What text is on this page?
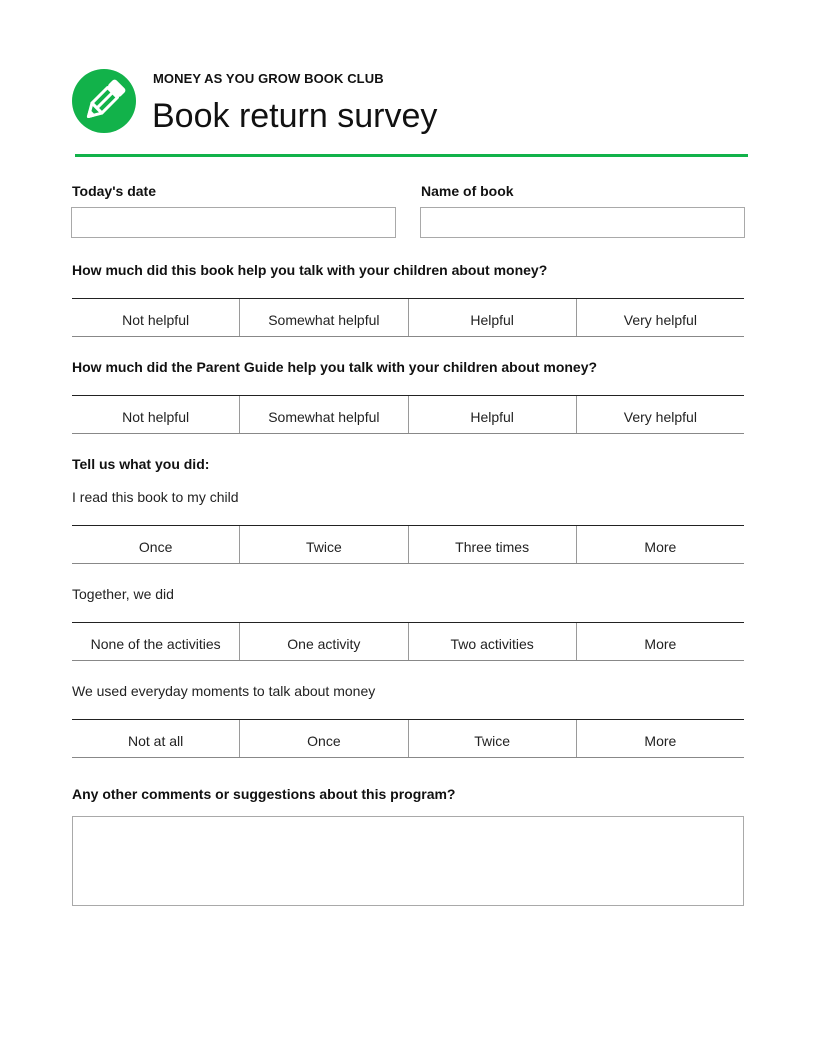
MONEY AS YOU GROW BOOK CLUB
Book return survey
Today's date	Name of book
How much did this book help you talk with your children about money?
Not helpful	Somewhat helpful	Helpful	Very helpful
How much did the Parent Guide help you talk with your children about money?
Not helpful	Somewhat helpful	Helpful	Very helpful
Tell us what you did:
I read this book to my child
Once	Twice	Three times	More
Together, we did
None of the activities	One activity	Two activities	More
We used everyday moments to talk about money
Not at all	Once	Twice	More
Any other comments or suggestions about this program?
